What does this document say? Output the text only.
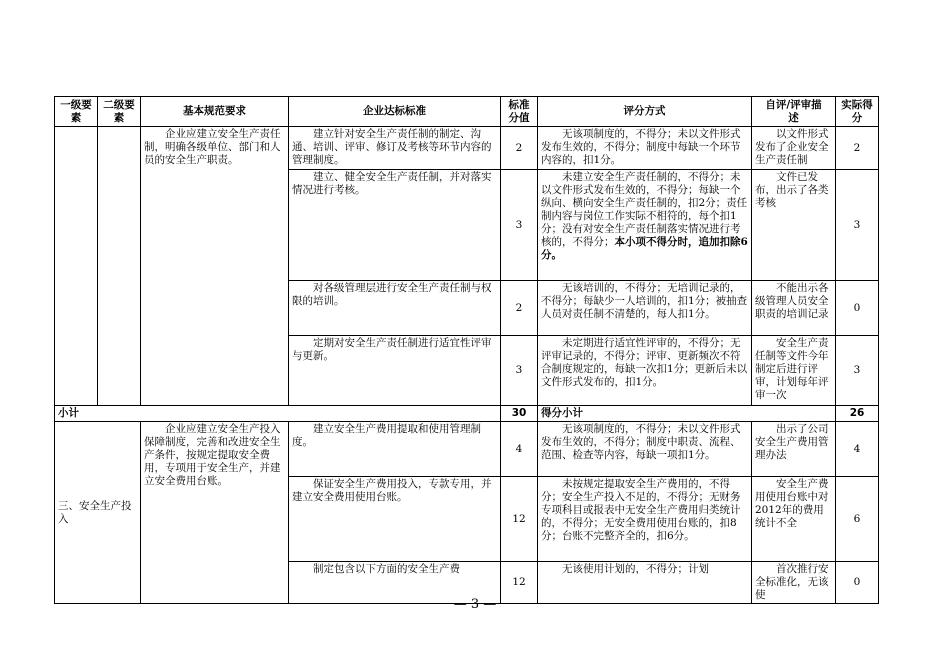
一级要素	二级要素	基本规范要求	企业达标标准	标准分值	评分方式	自评/评审描　述	实际得分
		企业应建立安全生产责任制，明确各级单位、部门和人员的安全生产职责。	建立针对安全生产责任制的制定、沟通、培训、评审、修订及考核等环节内容的管理制度。	2	无该项制度的，不得分；未以文件形式发布生效的，不得分；制度中每缺一个环节内容的，扣1分。	以文件形式发布了企业安全生产责任制	2
			建立、健全安全生产责任制，并对落实情况进行考核。	3	未建立安全生产责任制的，不得分；未以文件形式发布生效的，不得分；每缺一个纵向、横向安全生产责任制的，扣2分；责任制内容与岗位工作实际不相符的，每个扣1分；没有对安全生产责任制落实情况进行考核的，不得分；本小项不得分时，追加扣除6分。	文件已发布，出示了各类考核	3
			对各级管理层进行安全生产责任制与权限的培训。	2	无该培训的，不得分；无培训记录的，不得分；每缺少一人培训的，扣1分；被抽查人员对责任制不清楚的，每人扣1分。	不能出示各级管理人员安全职责的培训记录	0
			定期对安全生产责任制进行适宜性评审与更新。	3	未定期进行适宜性评审的，不得分；无评审记录的，不得分；评审、更新频次不符合制度规定的，每缺一次扣1分；更新后未以文件形式发布的，扣1分。	安全生产责任制等文件今年制定后进行评审，计划每年评审一次	3
小计				30	得分小计		26
三、安全生产投入		企业应建立安全生产投入保障制度，完善和改进安全生产条件，按规定提取安全费用，专项用于安全生产，并建立安全费用台账。	建立安全生产费用提取和使用管理制度。	4	无该项制度的，不得分；未以文件形式发布生效的，不得分；制度中职责、流程、范围、检查等内容，每缺一项扣1分。	出示了公司安全生产费用管理办法	4
			保证安全生产费用投入，专款专用，并建立安全费用使用台账。	12	未按规定提取安全生产费用的，不得分；安全生产投入不足的，不得分；无财务专项科目或报表中无安全生产费用归类统计的，不得分；无安全费用使用台账的，扣8分；台账不完整齐全的，扣6分。	安全生产费用使用台账中对2012年的费用统计不全	6
			制定包含以下方面的安全生产费	12	无该使用计划的，不得分；计划	首次推行安全标准化，无该使	0
— 3 —
